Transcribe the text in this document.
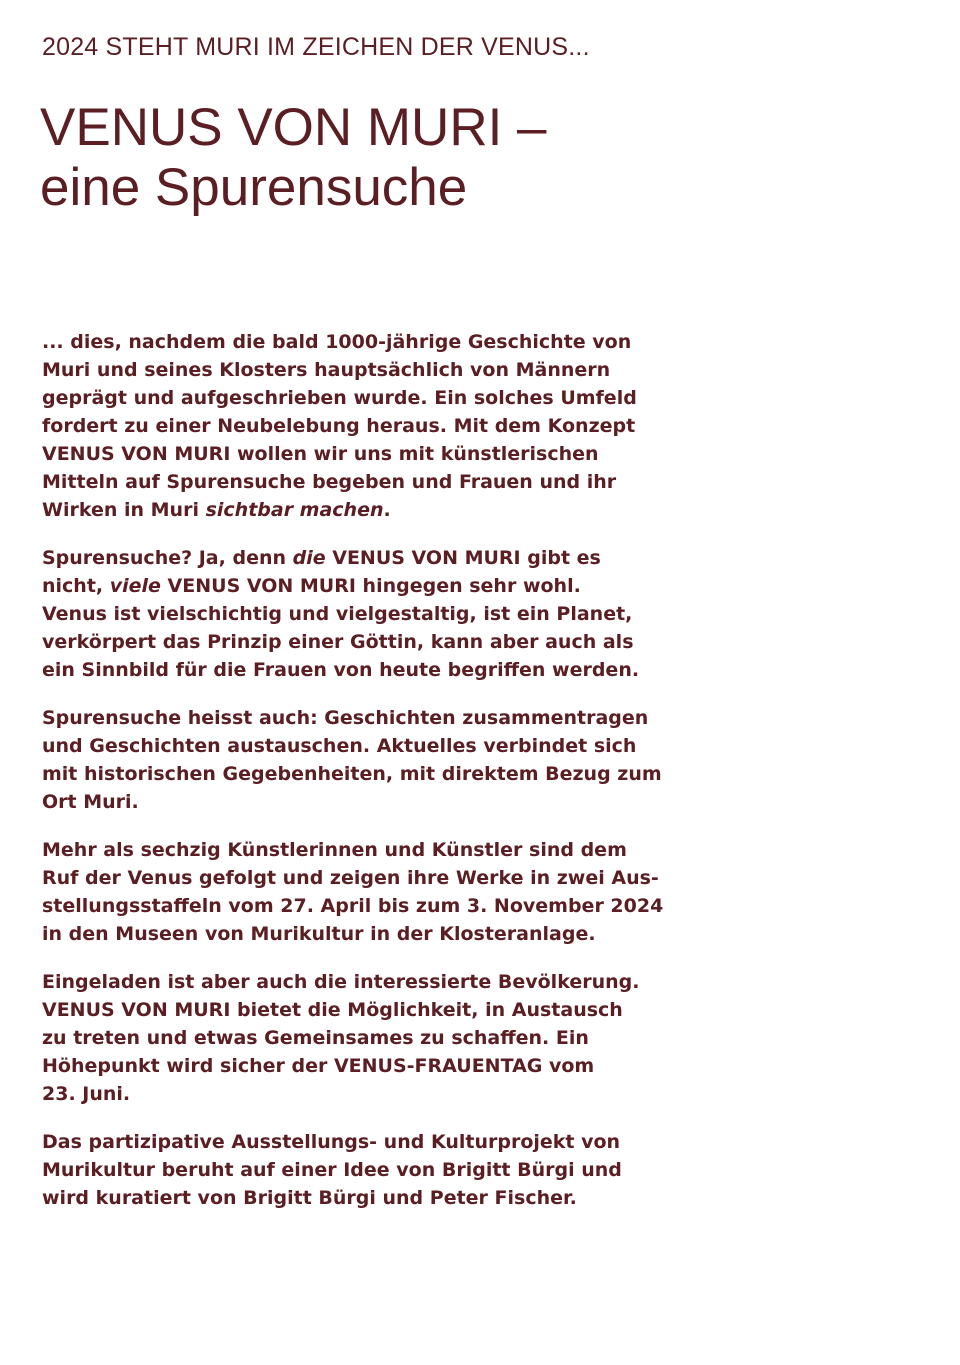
2024 STEHT MURI IM ZEICHEN DER VENUS...
VENUS VON MURI –
eine Spurensuche

... dies, nachdem die bald 1000-jährige Geschichte von
Muri und seines Klosters hauptsächlich von Männern
geprägt und aufgeschrieben wurde. Ein solches Umfeld
fordert zu einer Neubelebung heraus. Mit dem Konzept
VENUS VON MURI wollen wir uns mit künstlerischen
Mitteln auf Spurensuche begeben und Frauen und ihr
Wirken in Muri sichtbar machen.

Spurensuche? Ja, denn die VENUS VON MURI gibt es
nicht, viele VENUS VON MURI hingegen sehr wohl.
Venus ist vielschichtig und vielgestaltig, ist ein Planet,
verkörpert das Prinzip einer Göttin, kann aber auch als
ein Sinnbild für die Frauen von heute begriffen werden.

Spurensuche heisst auch: Geschichten zusammentragen
und Geschichten austauschen. Aktuelles verbindet sich
mit historischen Gegebenheiten, mit direktem Bezug zum
Ort Muri.

Mehr als sechzig Künstlerinnen und Künstler sind dem
Ruf der Venus gefolgt und zeigen ihre Werke in zwei Aus-
stellungsstaffeln vom 27. April bis zum 3. November 2024
in den Museen von Murikultur in der Klosteranlage.

Eingeladen ist aber auch die interessierte Bevölkerung.
VENUS VON MURI bietet die Möglichkeit, in Austausch
zu treten und etwas Gemeinsames zu schaffen. Ein
Höhepunkt wird sicher der VENUS-FRAUENTAG vom
23. Juni.

Das partizipative Ausstellungs- und Kulturprojekt von
Murikultur beruht auf einer Idee von Brigitt Bürgi und
wird kuratiert von Brigitt Bürgi und Peter Fischer.
